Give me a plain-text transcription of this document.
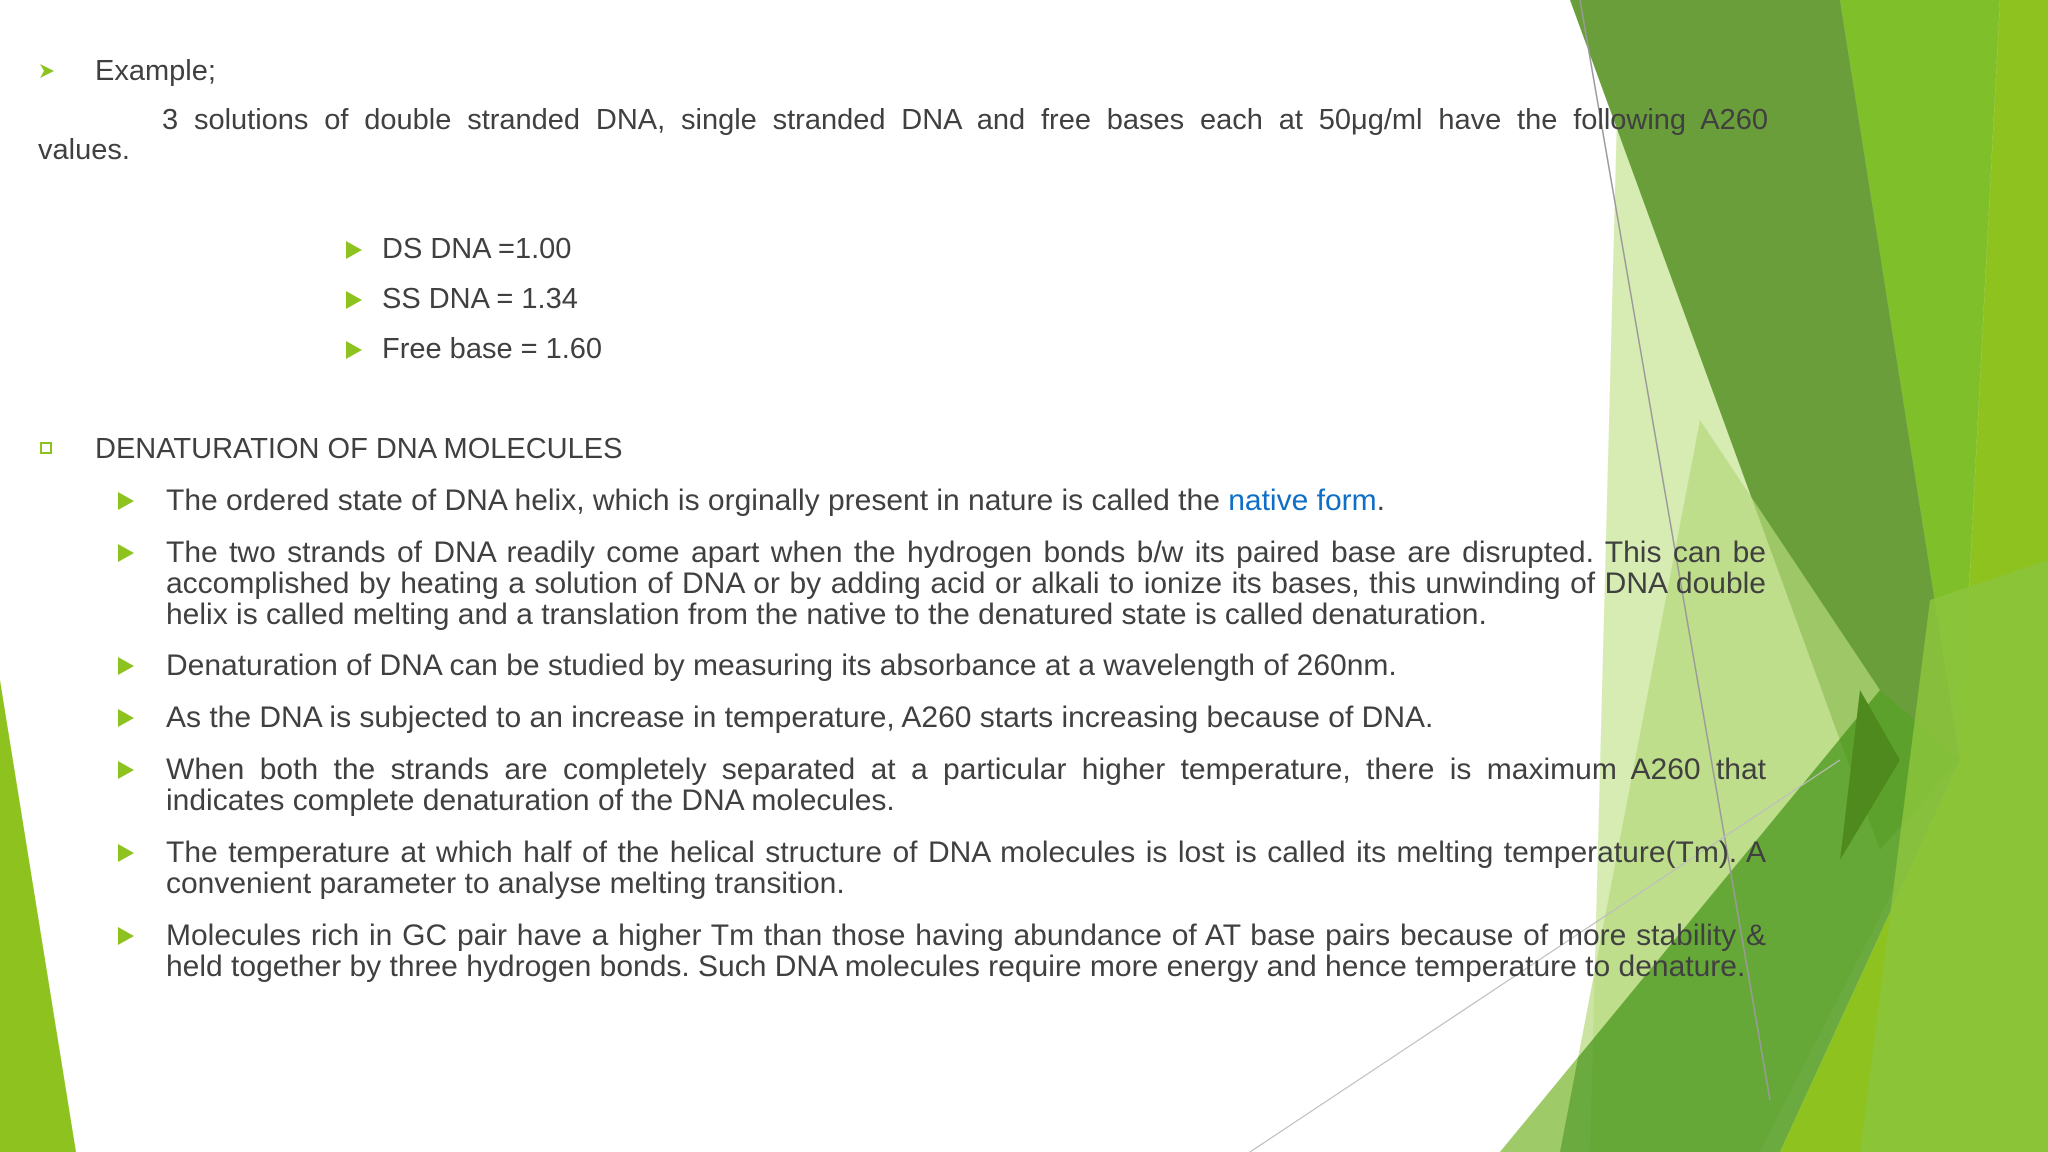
Example;
3 solutions of double stranded DNA, single stranded DNA and free bases each at 50μg/ml have the following A260
values.
DS DNA =1.00
SS DNA = 1.34
Free base = 1.60
DENATURATION OF DNA MOLECULES
The ordered state of DNA helix, which is orginally present in nature is called the native form.
The two strands of DNA readily come apart when the hydrogen bonds b/w its paired base are disrupted. This can be accomplished by heating a solution of DNA or by adding acid or alkali to ionize its bases, this unwinding of DNA double helix is called melting and a translation from the native to the denatured state is called denaturation.
Denaturation of DNA can be studied by measuring its absorbance at a wavelength of 260nm.
As the DNA is subjected to an increase in temperature, A260 starts increasing because of DNA.
When both the strands are completely separated at a particular higher temperature, there is maximum A260 that indicates complete denaturation of the DNA molecules.
The temperature at which half of the helical structure of DNA molecules is lost is called its melting temperature(Tm). A convenient parameter to analyse melting transition.
Molecules rich in GC pair have a higher Tm than those having abundance of AT base pairs because of more stability & held together by three hydrogen bonds. Such DNA molecules require more energy and hence temperature to denature.
